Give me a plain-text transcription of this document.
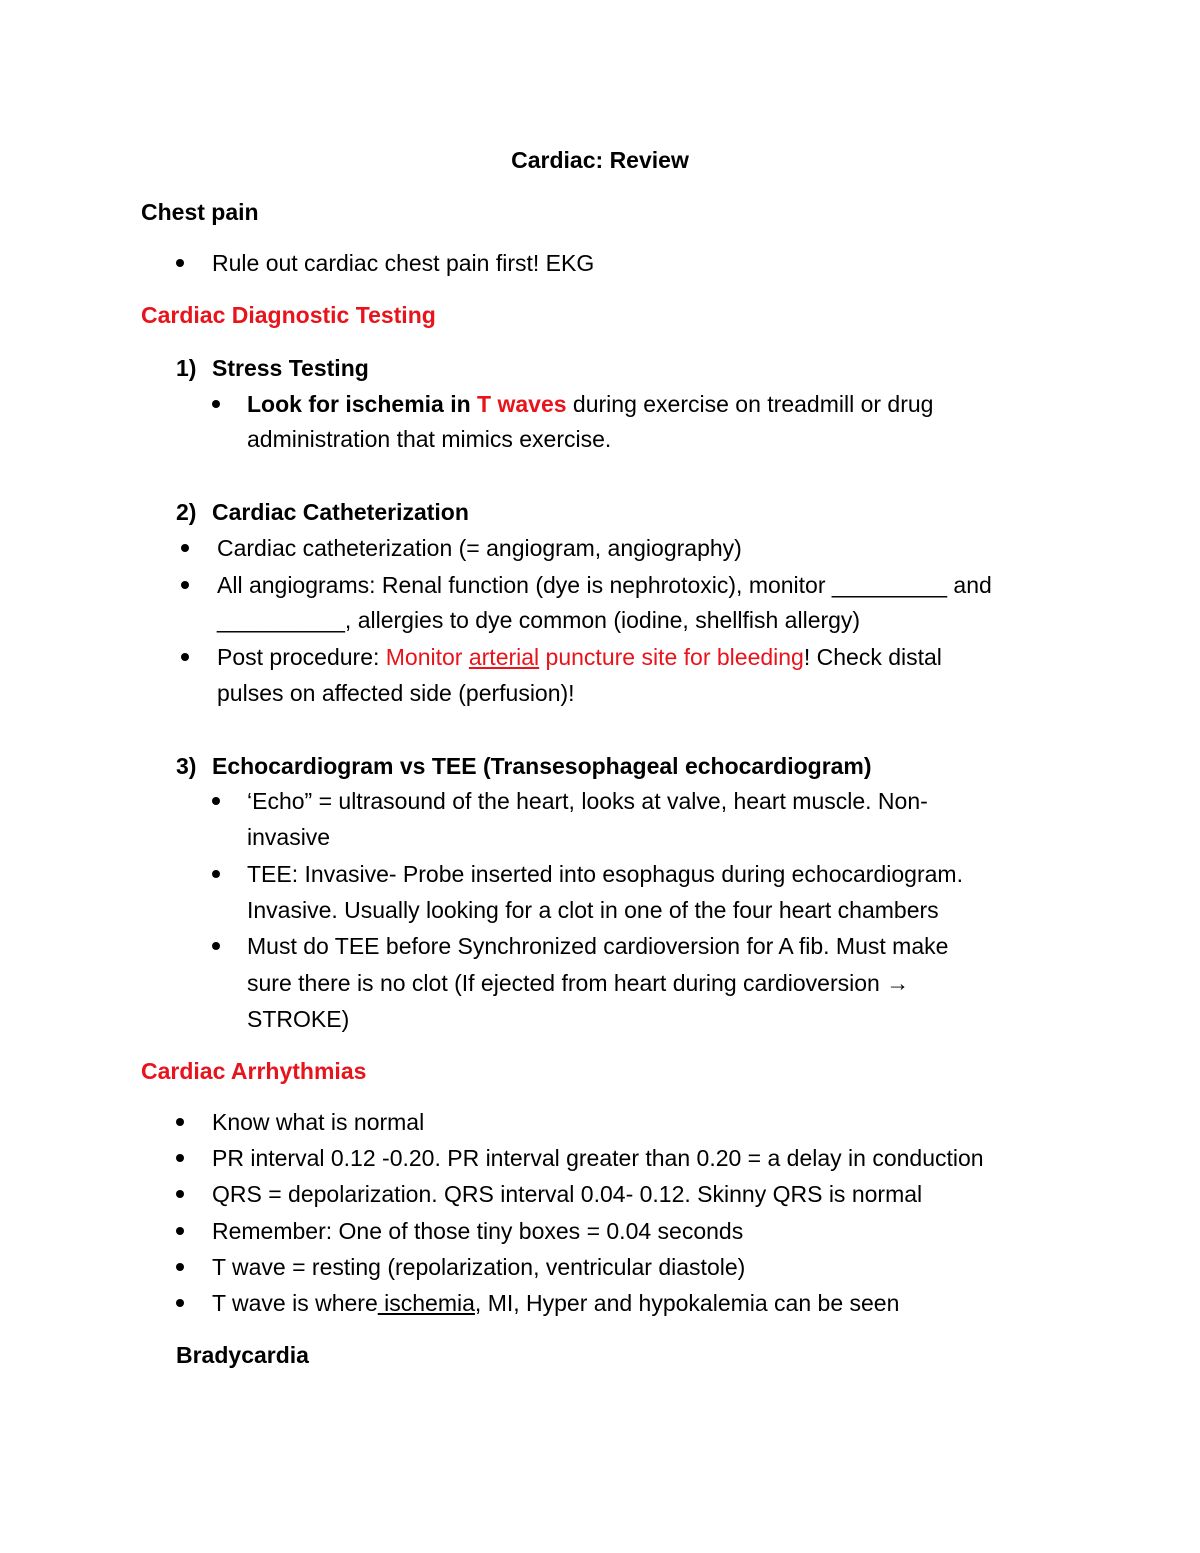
Cardiac: Review
Chest pain
Rule out cardiac chest pain first! EKG
Cardiac Diagnostic Testing
1) Stress Testing
Look for ischemia in T waves during exercise on treadmill or drug
administration that mimics exercise.
2) Cardiac Catheterization
Cardiac catheterization (= angiogram, angiography)
All angiograms: Renal function (dye is nephrotoxic), monitor _________ and
__________, allergies to dye common (iodine, shellfish allergy)
Post procedure: Monitor arterial puncture site for bleeding! Check distal
pulses on affected side (perfusion)!
3) Echocardiogram vs TEE (Transesophageal echocardiogram)
‘Echo” = ultrasound of the heart, looks at valve, heart muscle. Non-
invasive
TEE: Invasive- Probe inserted into esophagus during echocardiogram.
Invasive. Usually looking for a clot in one of the four heart chambers
Must do TEE before Synchronized cardioversion for A fib. Must make
sure there is no clot (If ejected from heart during cardioversion →
STROKE)
Cardiac Arrhythmias
Know what is normal
PR interval 0.12 -0.20. PR interval greater than 0.20 = a delay in conduction
QRS = depolarization. QRS interval 0.04- 0.12. Skinny QRS is normal
Remember: One of those tiny boxes = 0.04 seconds
T wave = resting (repolarization, ventricular diastole)
T wave is where ischemia, MI, Hyper and hypokalemia can be seen
Bradycardia
